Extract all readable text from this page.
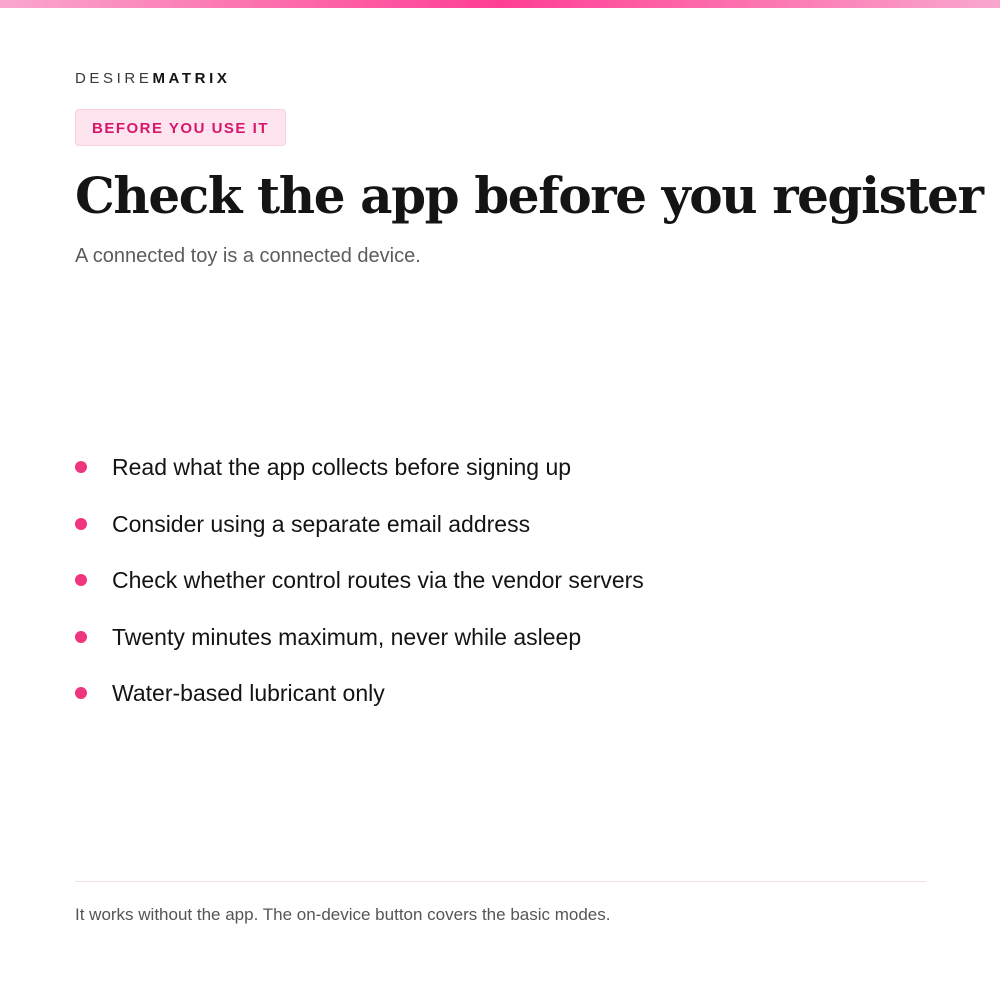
DESIREMATRIX
BEFORE YOU USE IT
Check the app before you register

A connected toy is a connected device.

Read what the app collects before signing up
Consider using a separate email address
Check whether control routes via the vendor servers
Twenty minutes maximum, never while asleep
Water-based lubricant only

It works without the app. The on-device button covers the basic modes.
